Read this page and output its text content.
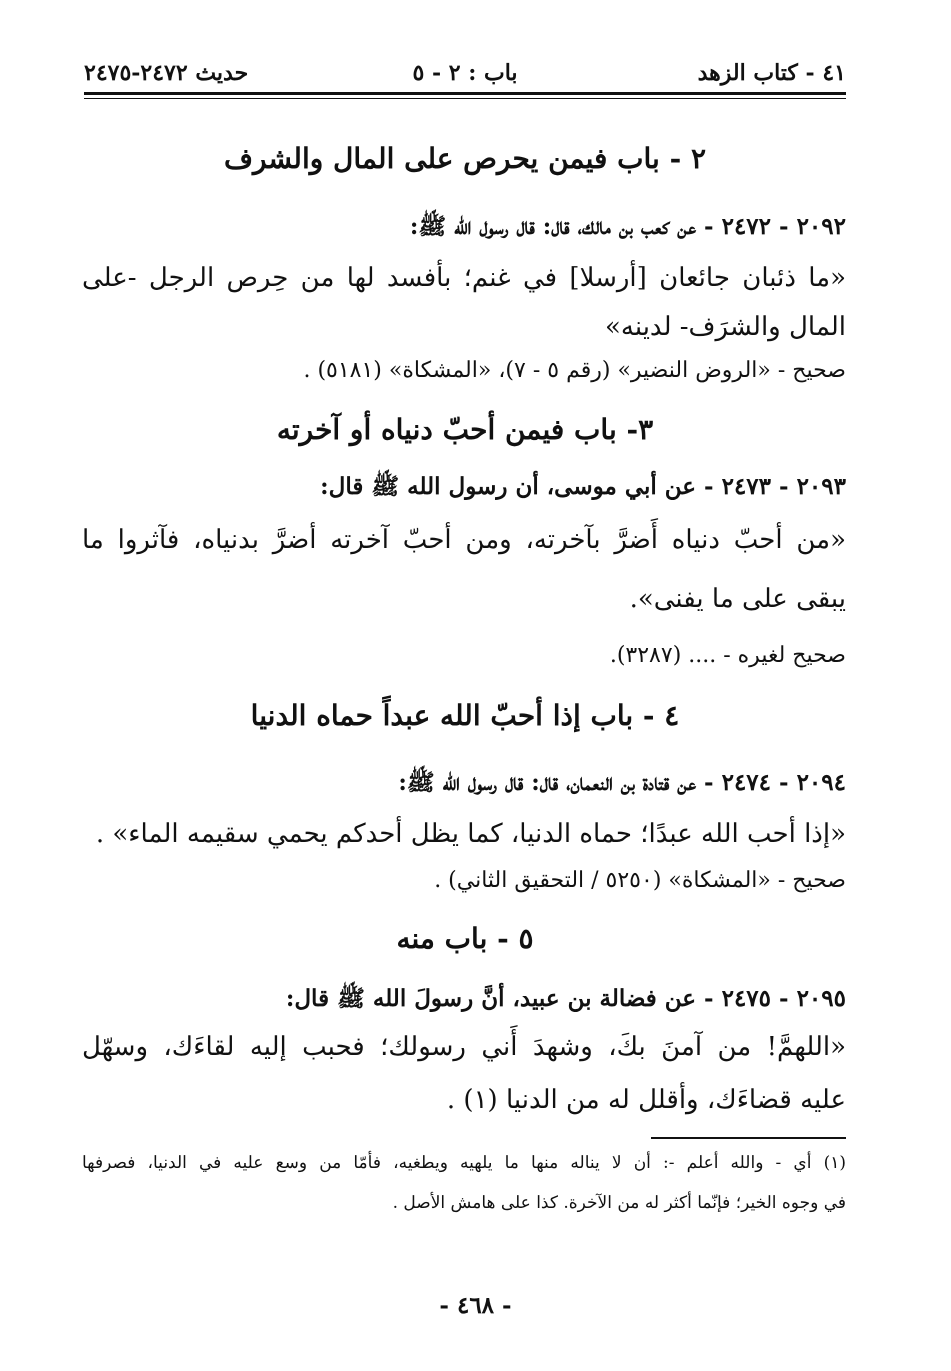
٤١ - كتاب الزهد
باب : ٢ - ٥
حديث ٢٤٧٢-٢٤٧٥
٢ - باب فيمن يحرص على المال والشرف
٢٠٩٢ - ٢٤٧٢ - عن كعب بن مالك، قال: قال رسول الله ﷺ:
«ما ذئبان جائعان [أرسلا] في غنم؛ بأفسد لها من حِرص الرجل -على
المال والشرَف- لدينه»
صحيح - «الروض النضير» (رقم ٥ - ٧)، «المشكاة» (٥١٨١) .
٣- باب فيمن أحبّ دنياه أو آخرته
٢٠٩٣ - ٢٤٧٣ - عن أبي موسى، أن رسول الله ﷺ قال:
«من أحبّ دنياه أَضرَّ بآخرته، ومن أحبّ آخرته أضرَّ بدنياه، فآثروا ما
يبقى على ما يفنى».
صحيح لغيره - .... (٣٢٨٧).
٤ - باب إذا أحبّ الله عبداً حماه الدنيا
٢٠٩٤ - ٢٤٧٤ - عن قتادة بن النعمان، قال: قال رسول الله ﷺ:
«إذا أحب الله عبدًا؛ حماه الدنيا، كما يظل أحدكم يحمي سقيمه الماء» .
صحيح - «المشكاة» (٥٢٥٠ / التحقيق الثاني) .
٥ - باب منه
٢٠٩٥ - ٢٤٧٥ - عن فضالة بن عبيد، أنَّ رسولَ الله ﷺ قال:
«اللهمَّ! من آمنَ بكَ، وشهدَ أَني رسولك؛ فحبب إليه لقاءَك، وسهّل
عليه قضاءَك، وأقلل له من الدنيا (١) .
(١) أي - والله أعلم -: أن لا يناله منها ما يلهيه ويطغيه، فأمّا من وسع عليه في الدنيا، فصرفها
في وجوه الخير؛ فإنّما أكثر له من الآخرة. كذا على هامش الأصل .
- ٤٦٨ -
